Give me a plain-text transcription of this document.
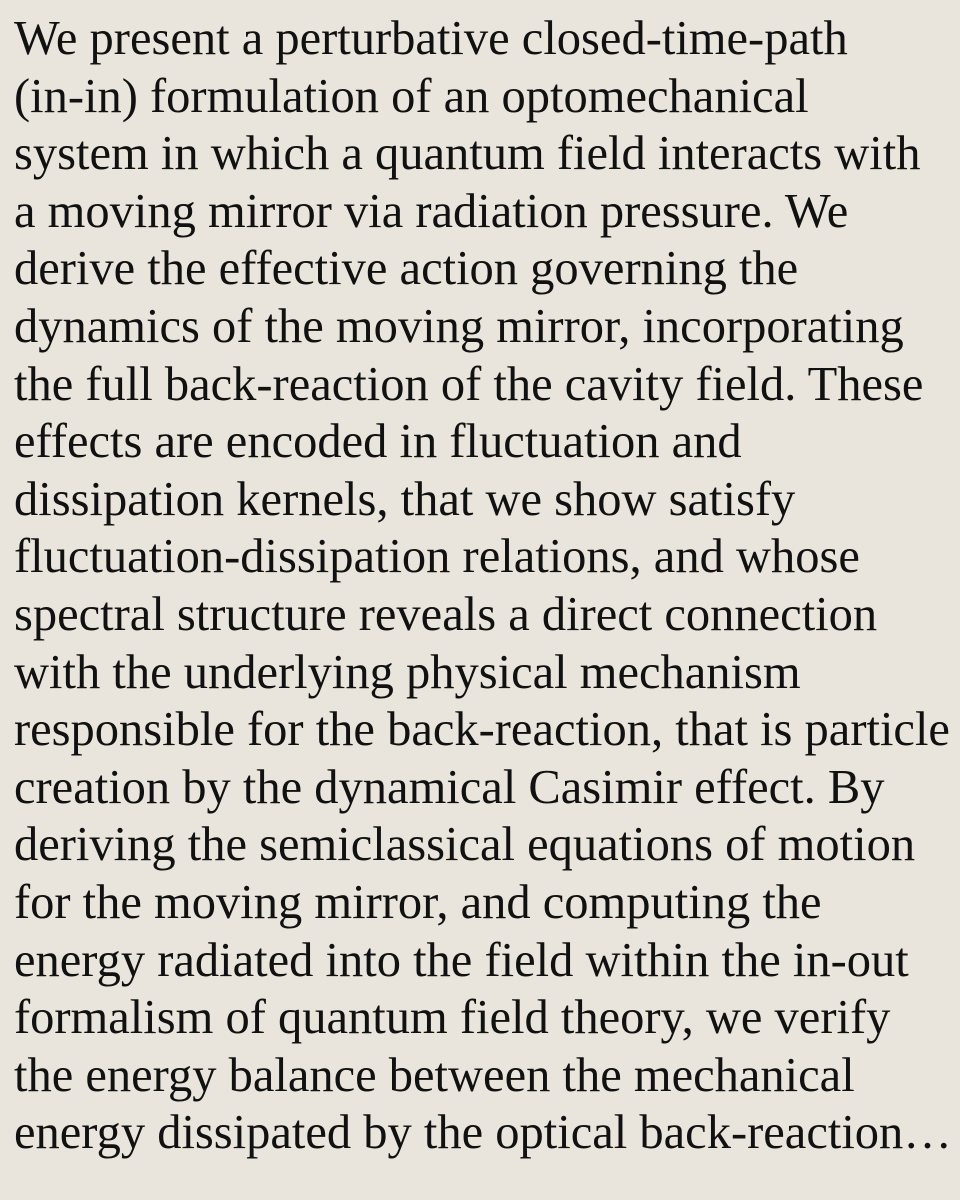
We present a perturbative closed-time-path
(in-in) formulation of an optomechanical
system in which a quantum field interacts with
a moving mirror via radiation pressure. We
derive the effective action governing the
dynamics of the moving mirror, incorporating
the full back-reaction of the cavity field. These
effects are encoded in fluctuation and
dissipation kernels, that we show satisfy
fluctuation-dissipation relations, and whose
spectral structure reveals a direct connection
with the underlying physical mechanism
responsible for the back-reaction, that is particle
creation by the dynamical Casimir effect. By
deriving the semiclassical equations of motion
for the moving mirror, and computing the
energy radiated into the field within the in-out
formalism of quantum field theory, we verify
the energy balance between the mechanical
energy dissipated by the optical back-reaction…
